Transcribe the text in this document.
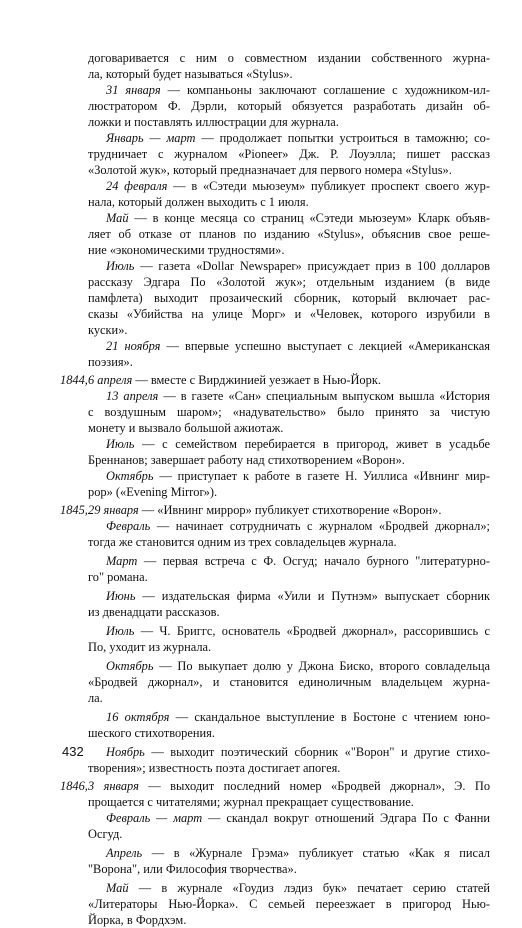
договаривается с ним о совместном издании собственного журна-
ла, который будет называться «Stylus».
31 января — компаньоны заключают соглашение с художником-ил-
люстратором Ф. Дэрли, который обязуется разработать дизайн об-
ложки и поставлять иллюстрации для журнала.
Январь — март — продолжает попытки устроиться в таможню; со-
трудничает с журналом «Pioneer» Дж. Р. Лоуэлла; пишет рассказ
«Золотой жук», который предназначает для первого номера «Stylus».
24 февраля — в «Сэтеди мьюзеум» публикует проспект своего жур-
нала, который должен выходить с 1 июля.
Май — в конце месяца со страниц «Сэтеди мьюзеум» Кларк объяв-
ляет об отказе от планов по изданию «Stylus», объяснив свое реше-
ние «экономическими трудностями».
Июль — газета «Dollar Newspaper» присуждает приз в 100 долларов
рассказу Эдгара По «Золотой жук»; отдельным изданием (в виде
памфлета) выходит прозаический сборник, который включает рас-
сказы «Убийства на улице Морг» и «Человек, которого изрубили в
куски».
21 ноября — впервые успешно выступает с лекцией «Американская
поэзия».
1844, 6 апреля — вместе с Вирджинией уезжает в Нью-Йорк.
13 апреля — в газете «Сан» специальным выпуском вышла «История
с воздушным шаром»; «надувательство» было принято за чистую
монету и вызвало большой ажиотаж.
Июль — с семейством перебирается в пригород, живет в усадьбе
Бреннанов; завершает работу над стихотворением «Ворон».
Октябрь — приступает к работе в газете Н. Уиллиса «Ивнинг мир-
рор» («Evening Mirror»).
1845, 29 января — «Ивнинг миррор» публикует стихотворение «Ворон».
Февраль — начинает сотрудничать с журналом «Бродвей джорнал»;
тогда же становится одним из трех совладельцев журнала.
Март — первая встреча с Ф. Осгуд; начало бурного "литературно-
го" романа.
Июнь — издательская фирма «Уили и Путнэм» выпускает сборник
из двенадцати рассказов.
Июль — Ч. Бриггс, основатель «Бродвей джорнал», рассорившись с
По, уходит из журнала.
Октябрь — По выкупает долю у Джона Биско, второго совладельца
«Бродвей джорнал», и становится единоличным владельцем журна-
ла.
16 октября — скандальное выступление в Бостоне с чтением юно-
шеского стихотворения.
Ноябрь — выходит поэтический сборник «"Ворон" и другие стихо-
творения»; известность поэта достигает апогея.
1846, 3 января — выходит последний номер «Бродвей джорнал», Э. По
прощается с читателями; журнал прекращает существование.
Февраль — март — скандал вокруг отношений Эдгара По с Фанни
Осгуд.
Апрель — в «Журнале Грэма» публикует статью «Как я писал
"Ворона", или Философия творчества».
Май — в журнале «Гоудиз лэдиз бук» печатает серию статей
«Литераторы Нью-Йорка». С семьей переезжает в пригород Нью-
Йорка, в Фордхэм.
432
